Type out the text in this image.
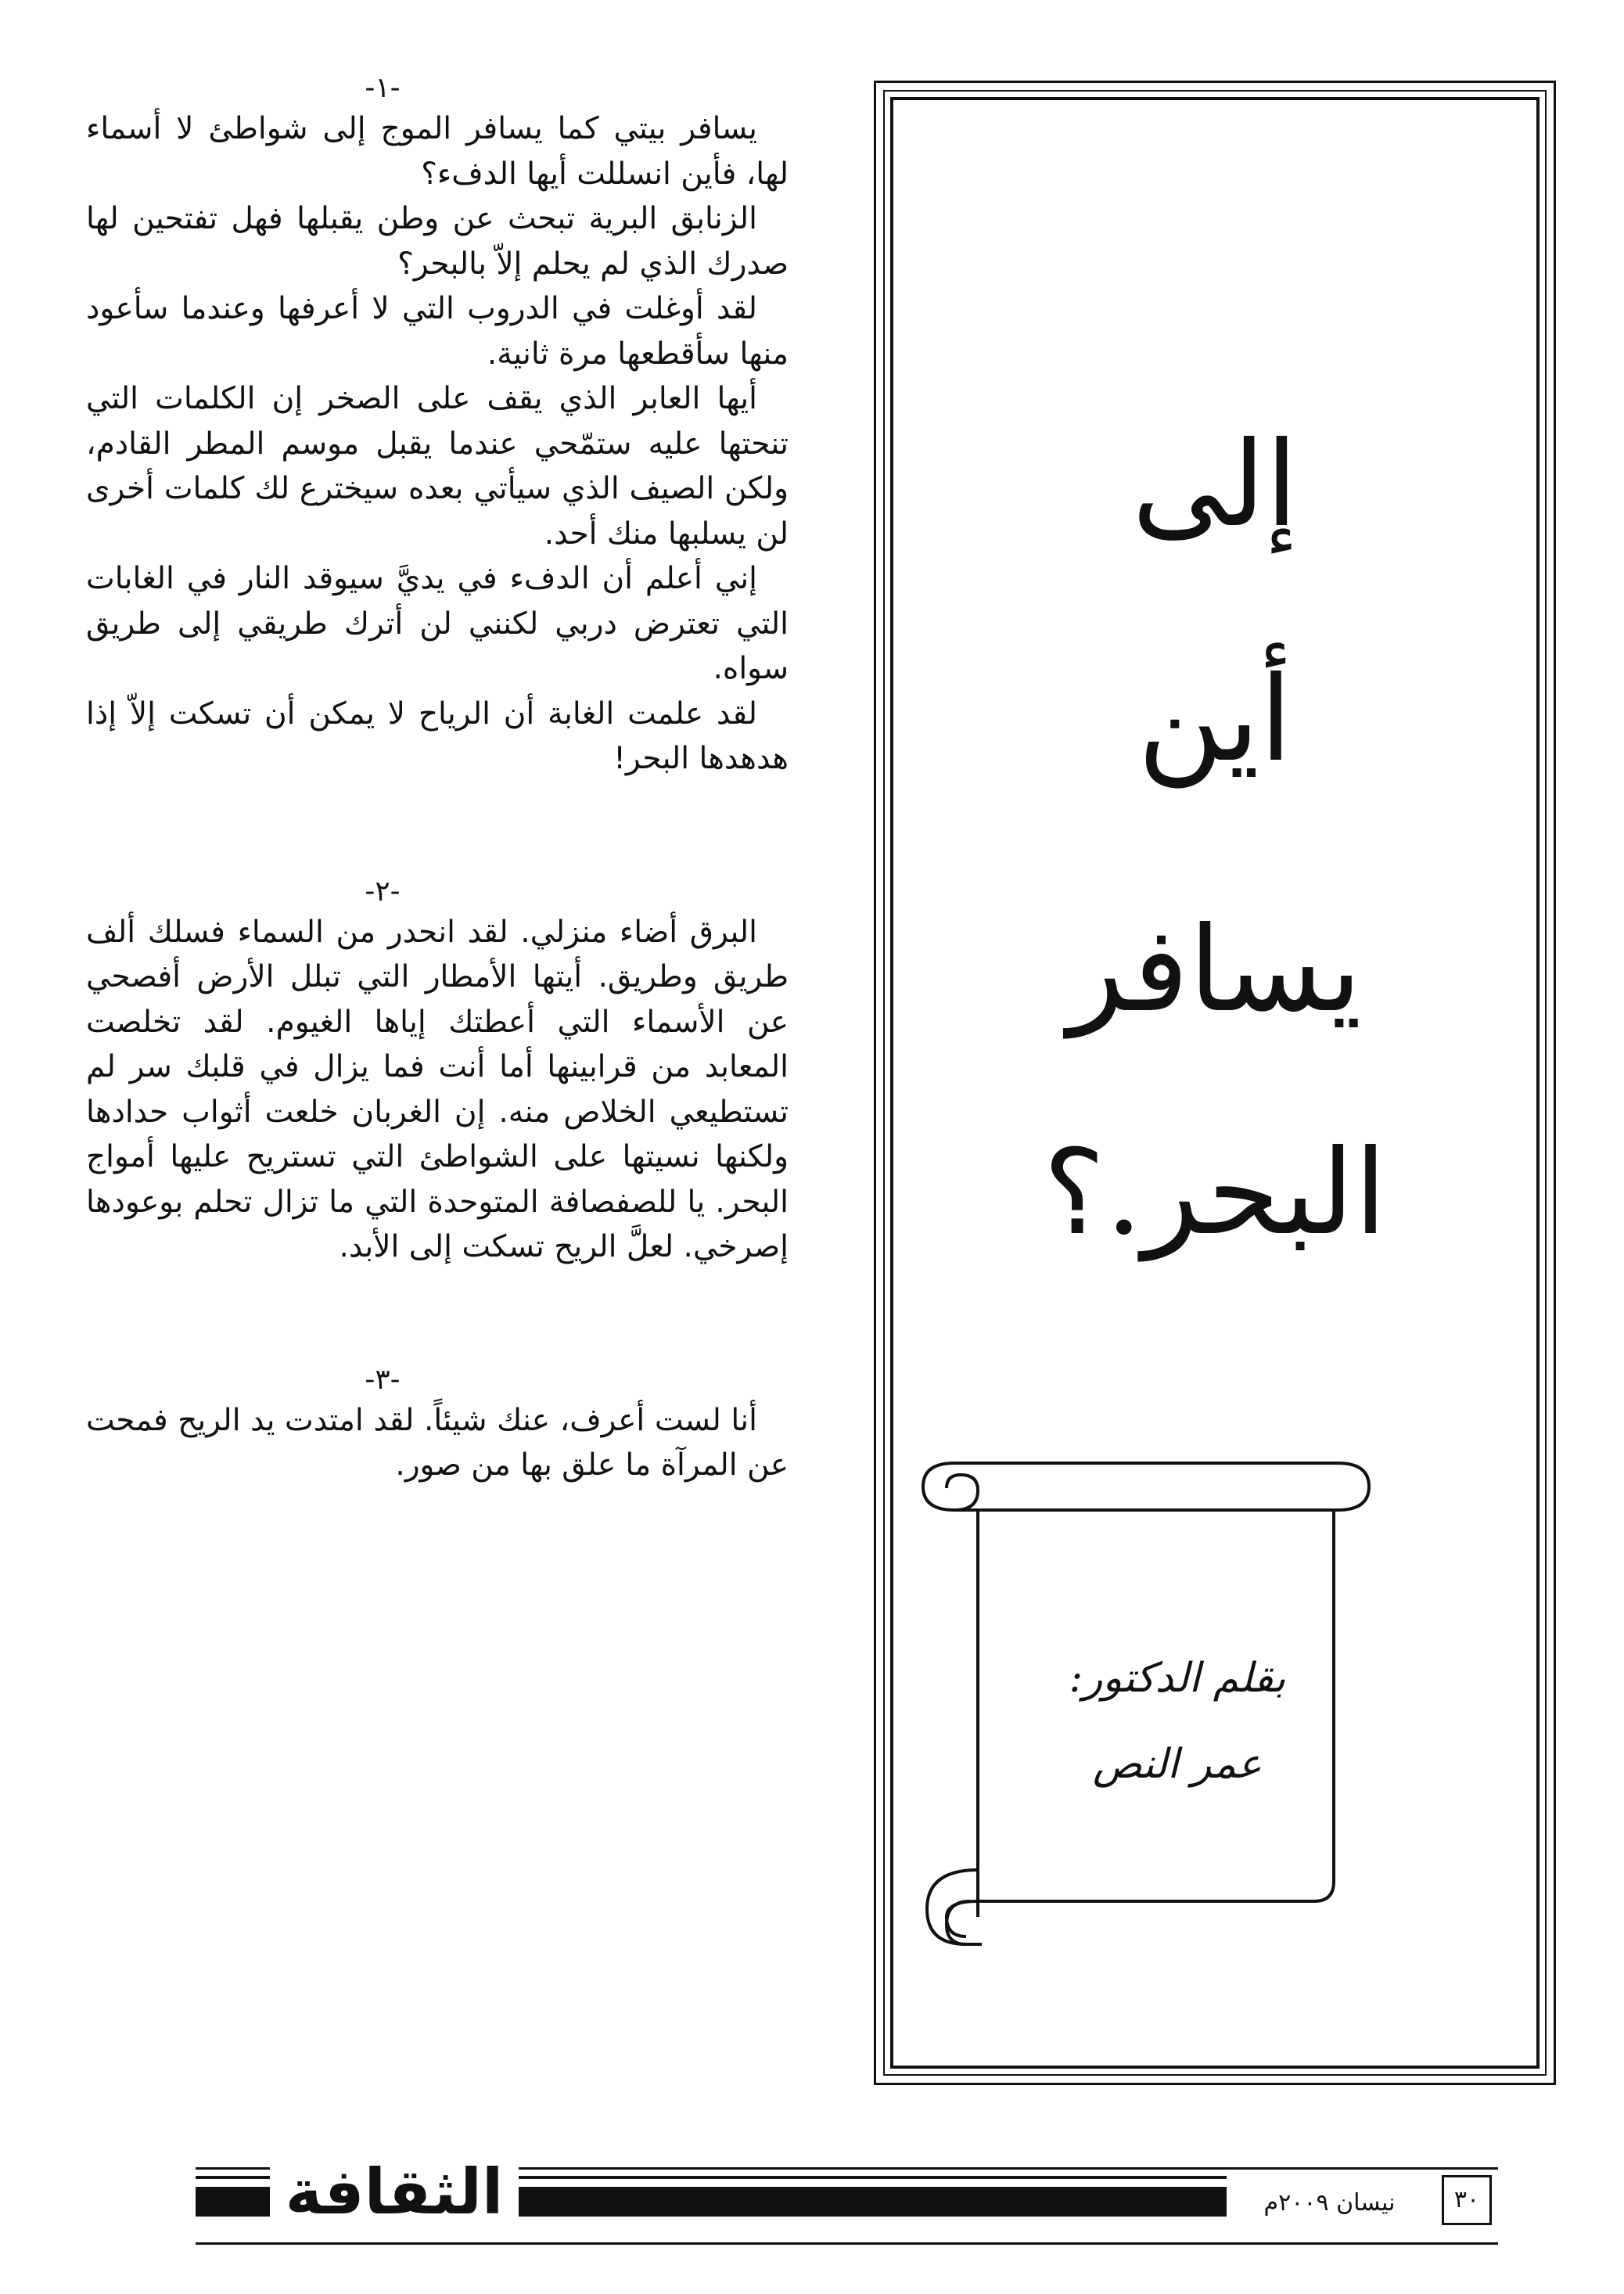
-١-

يسافر بيتي كما يسافر الموج إلى شواطئ لا أسماء لها، فأين انسللت أيها الدفء؟

الزنابق البرية تبحث عن وطن يقبلها فهل تفتحين لها صدرك الذي لم يحلم إلاّ بالبحر؟

لقد أوغلت في الدروب التي لا أعرفها وعندما سأعود منها سأقطعها مرة ثانية.

أيها العابر الذي يقف على الصخر إن الكلمات التي تنحتها عليه ستمّحي عندما يقبل موسم المطر القادم، ولكن الصيف الذي سيأتي بعده سيخترع لك كلمات أخرى لن يسلبها منك أحد.

إني أعلم أن الدفء في يديَّ سيوقد النار في الغابات التي تعترض دربي لكنني لن أترك طريقي إلى طريق سواه.

لقد علمت الغابة أن الرياح لا يمكن أن تسكت إلاّ إذا هدهدها البحر!

-٢-

البرق أضاء منزلي. لقد انحدر من السماء فسلك ألف طريق وطريق. أيتها الأمطار التي تبلل الأرض أفصحي عن الأسماء التي أعطتك إياها الغيوم. لقد تخلصت المعابد من قرابينها أما أنت فما يزال في قلبك سر لم تستطيعي الخلاص منه. إن الغربان خلعت أثواب حدادها ولكنها نسيتها على الشواطئ التي تستريح عليها أمواج البحر. يا للصفصافة المتوحدة التي ما تزال تحلم بوعودها إصرخي. لعلَّ الريح تسكت إلى الأبد.

-٣-

أنا لست أعرف، عنك شيئاً. لقد امتدت يد الريح فمحت عن المرآة ما علق بها من صور.

إلى
أين
يسافر
البحر.؟
بقلم الدكتور:
عمر النص
الثقافة	نيسان ٢٠٠٩م	٣٠
